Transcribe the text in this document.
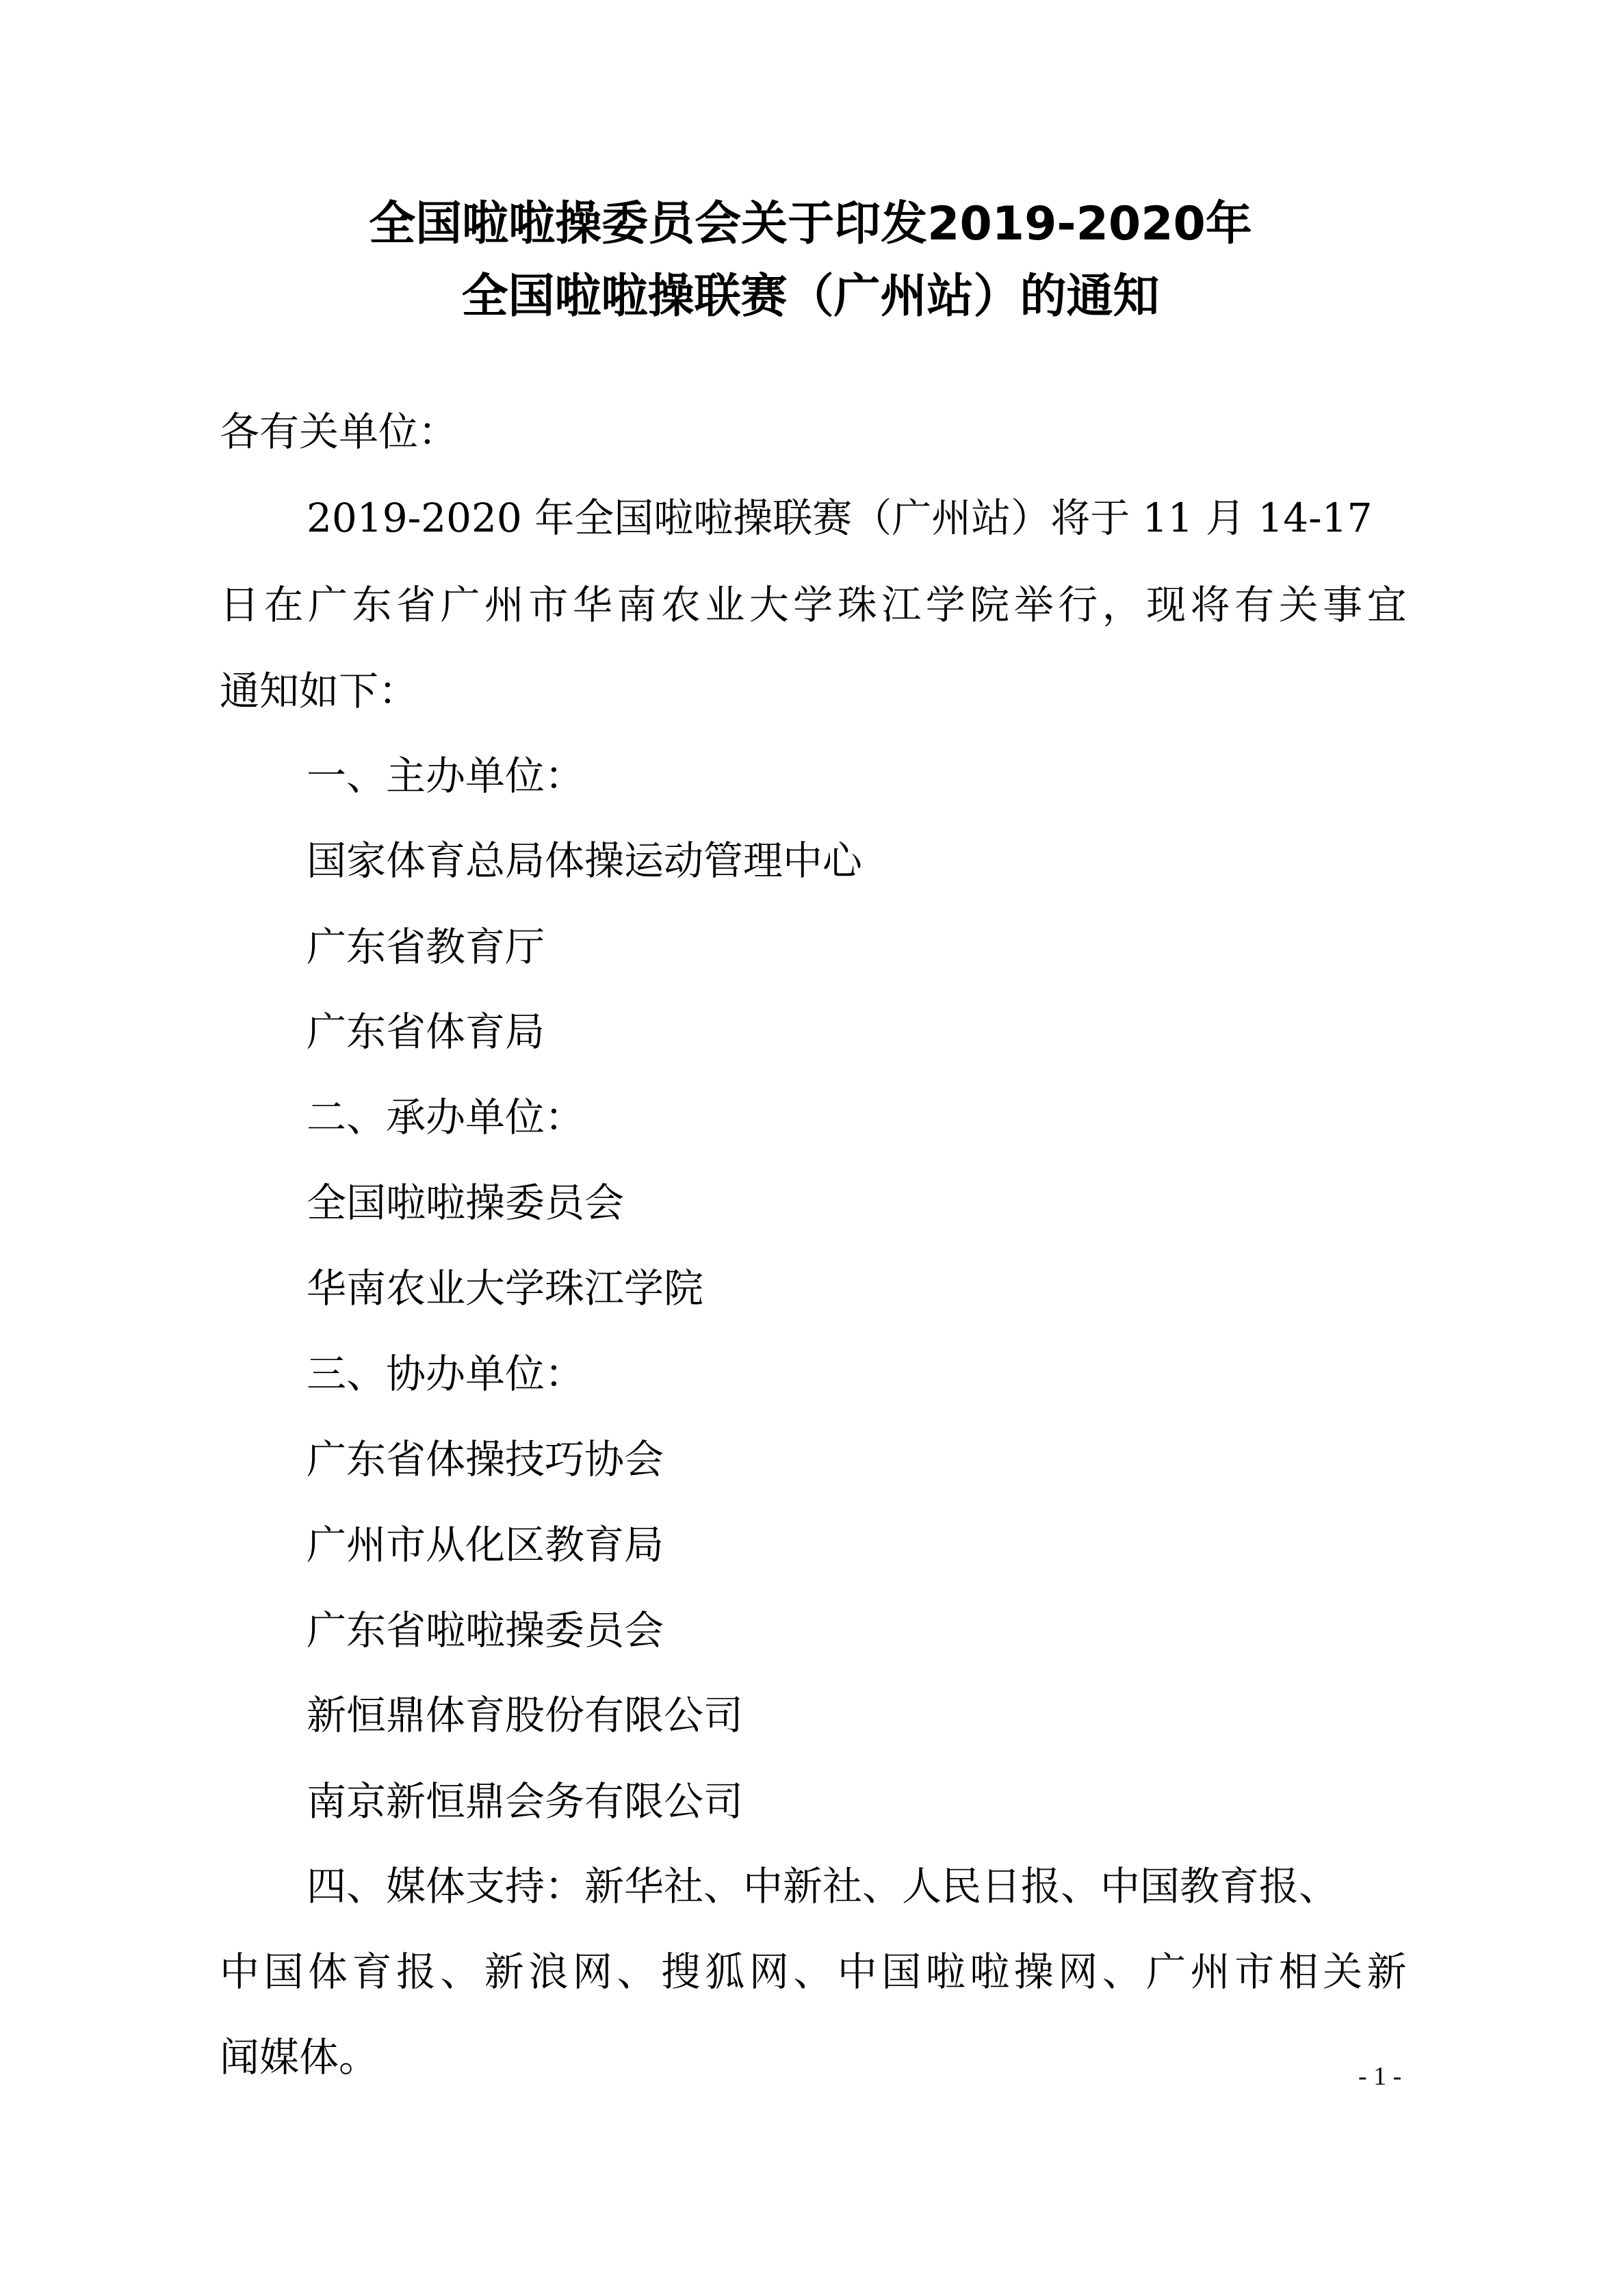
全国啦啦操委员会关于印发2019-2020年
全国啦啦操联赛（广州站）的通知
各有关单位：
2019-2020 年全国啦啦操联赛（广州站）将于 11 月 14-17
日 在 广 东 省 广 州 市 华 南 农 业 大 学 珠 江 学 院 举 行 ， 现 将 有 关 事 宜
通知如下：
一、主办单位：
国家体育总局体操运动管理中心
广东省教育厅
广东省体育局
二、承办单位：
全国啦啦操委员会
华南农业大学珠江学院
三、协办单位：
广东省体操技巧协会
广州市从化区教育局
广东省啦啦操委员会
新恒鼎体育股份有限公司
南京新恒鼎会务有限公司
四、媒体支持：新华社、中新社、人民日报、中国教育报、
中 国 体 育 报 、 新 浪 网 、 搜 狐 网 、 中 国 啦 啦 操 网 、 广 州 市 相 关 新
闻媒体。	- 1 -
